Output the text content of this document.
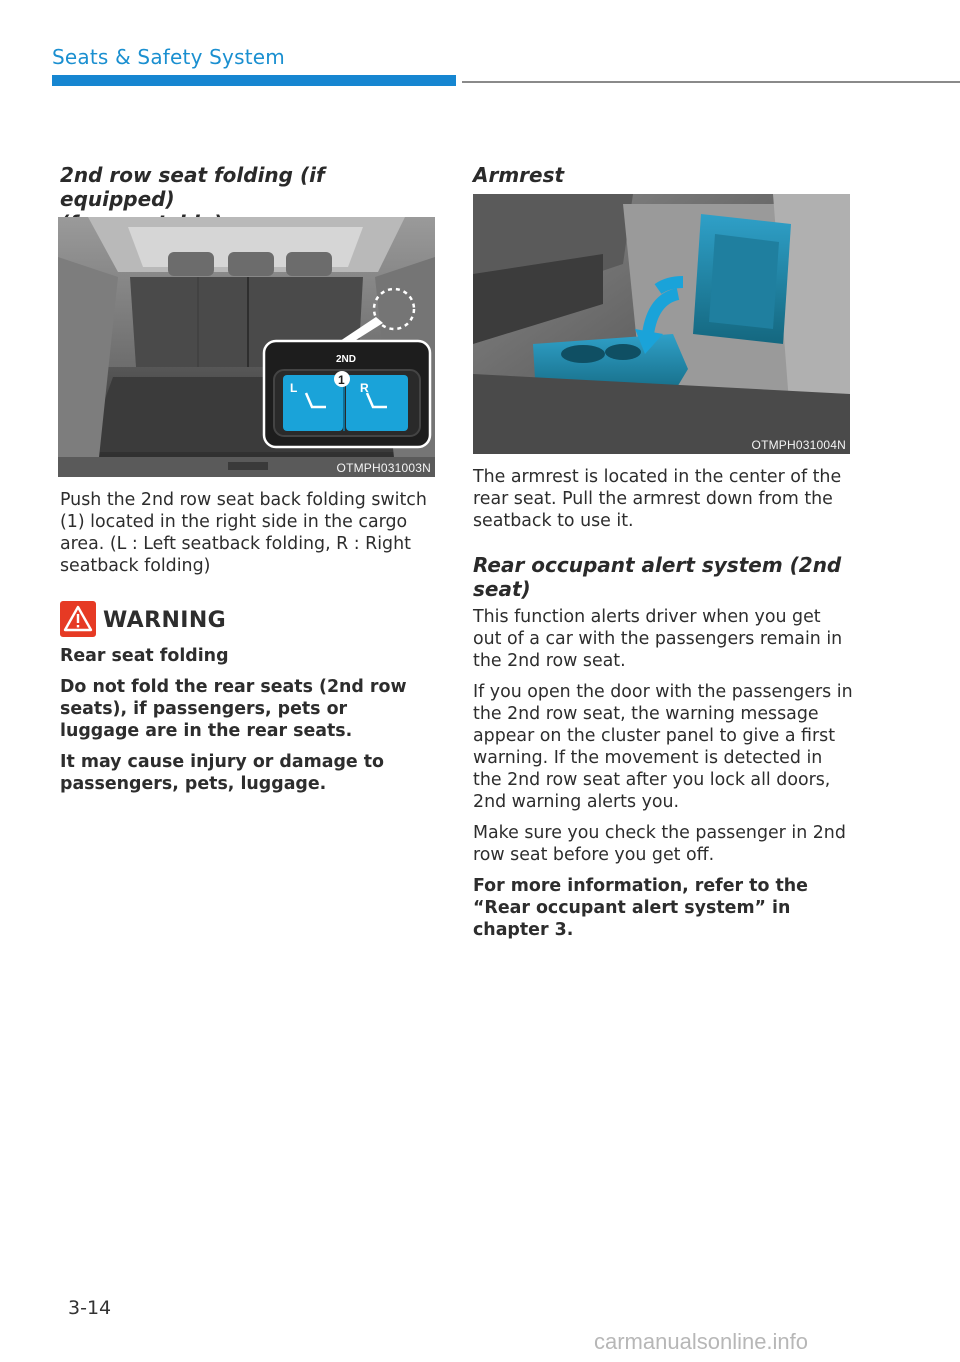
Seats & Safety System
2nd row seat folding (if equipped)
2ND
1
L	R
OTMPH031003N

Push the 2nd row seat back folding switch (1) located in the right side in the cargo area. (L : Left seatback folding, R : Right seatback folding)

WARNING

Rear seat folding

Do not fold the rear seats (2nd row seats), if passengers, pets or luggage are in the rear seats.

It may cause injury or damage to passengers, pets, luggage.

Armrest
OTMPH031004N

The armrest is located in the center of the rear seat. Pull the armrest down from the seatback to use it.

Rear occupant alert system (2nd
seat)

This function alerts driver when you get out of a car with the passengers remain in the 2nd row seat.

If you open the door with the passengers in the 2nd row seat, the warning message appear on the cluster panel to give a first warning. If the movement is detected in the 2nd row seat after you lock all doors, 2nd warning alerts you.

Make sure you check the passenger in 2nd row seat before you get off.

For more information, refer to the “Rear occupant alert system” in chapter 3.

3-14
carmanualsonline.info
